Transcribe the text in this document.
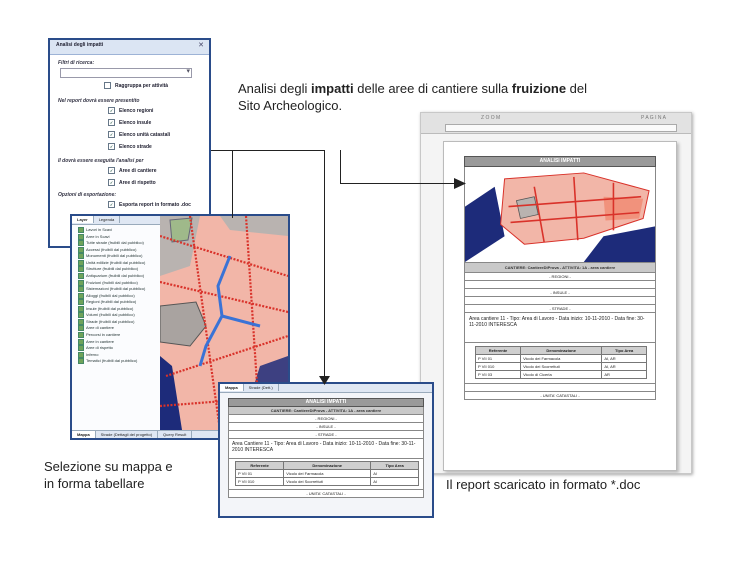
Analisi degli impatti	✕
Filtri di ricerca:
▾
Raggruppa per attività
Nel report dovrà essere presentito
✓ Elenco regioni
✓ Elenco insule
✓ Elenco unità catastali
✓ Elenco strade
Il dovrà essere eseguita l'analisi per
✓ Aree di cantiere
✓ Aree di rispetto
Opzioni di esportazione:
✓ Esporta report in formato .doc
Layer	Legenda
Lavori in Scavi
Aree in Scavi
Tutte strade (fruibili dal pubblico)
Accessi (fruibili dal pubblico)
Monumenti (fruibili dal pubblico)
Unità edilizie (fruibili dal pubblico)
Strutture (fruibili dal pubblico)
Antiquarium (fruibili dal pubblico)
Fruizioni (fruibili dal pubblico)
Sistemazioni (fruibili dal pubblico)
Alloggi (fruibili dal pubblico)
Regioni (fruibili dal pubblico)
Insule (fruibili dal pubblico)
Volumi (fruibili dal pubblico)
Strade (fruibili dal pubblico)
Aree di cantiere
Percorsi in cantiere
Aree in cantiere
Aree di rispetto
Inferno
Tematici (fruibili dal pubblico)
Mappa	Strade (Dettagli del progetto)	Query Result
Z O O M	P A G I N A
ANALISI IMPATTI
CANTIERE: CantiereDiProva - ATTIVITA: 1A - area cantiere
- REGIONI -
- INSULE -
- STRADE -
Area cantiere 11 - Tipo: Area di Lavoro - Data inizio: 10-11-2010 - Data fine: 30-11-2010 INTERESCA
Referente	Denominazione	Tipo Area
P VII 01	Vicolo dei Farmacola	AI, AR
P VII 010	Vicolo dei Scorrettuti	AI, AR
P VII 03	Vicolo di Cicerla	AR
- UNITA' CATASTALI -
Mappa	Strade (Dett.)
ANALISI IMPATTI
CANTIERE: CantiereDiProva - ATTIVITA: 1A - area cantiere
- REGIONI -
- INSULE -
- STRADE -
Area Cantiere 11 - Tipo: Area di Lavoro - Data inizio: 10-11-2010 - Data fine: 30-11-2010 INTERESCA
Referente	Denominazione	Tipo Area
P VII 01	Vicolo dei Farmacola	AI
P VII 010	Vicolo dei Scorrettuti	AI
- UNITA' CATASTALI -
Analisi degli impatti delle aree di cantiere sulla fruizione del
Sito Archeologico.
Selezione su mappa e
in forma tabellare	Il report scaricato in formato *.doc
